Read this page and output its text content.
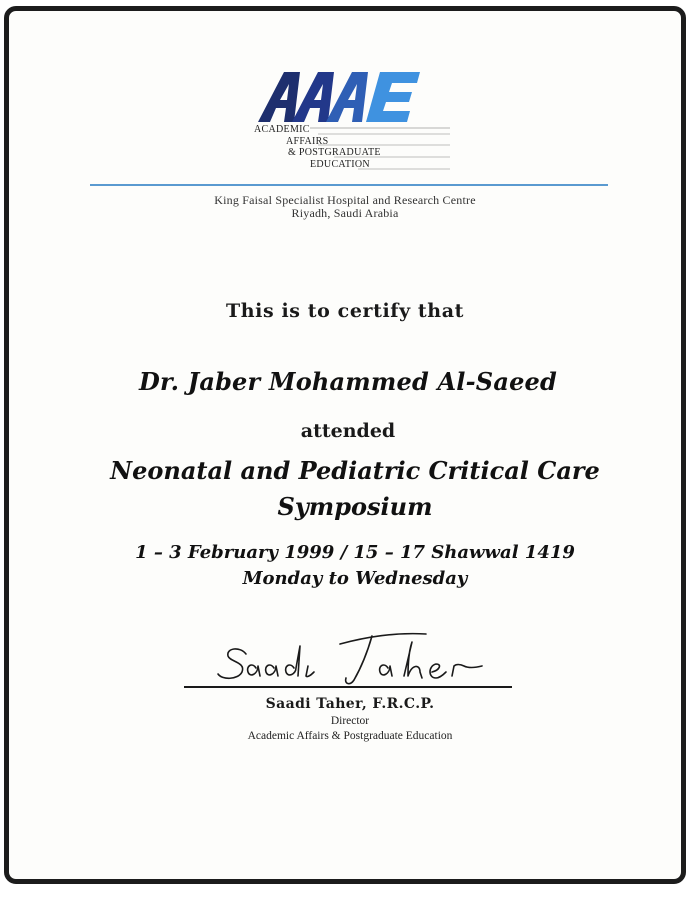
ACADEMIC
AFFAIRS
& POSTGRADUATE
EDUCATION
King Faisal Specialist Hospital and Research Centre
Riyadh, Saudi Arabia
This is to certify that
Dr. Jaber Mohammed Al-Saeed
attended
Neonatal and Pediatric Critical Care
Symposium
1 – 3 February 1999 / 15 – 17 Shawwal 1419
Monday to Wednesday
Saadi Taher, F.R.C.P.
Director
Academic Affairs & Postgraduate Education
